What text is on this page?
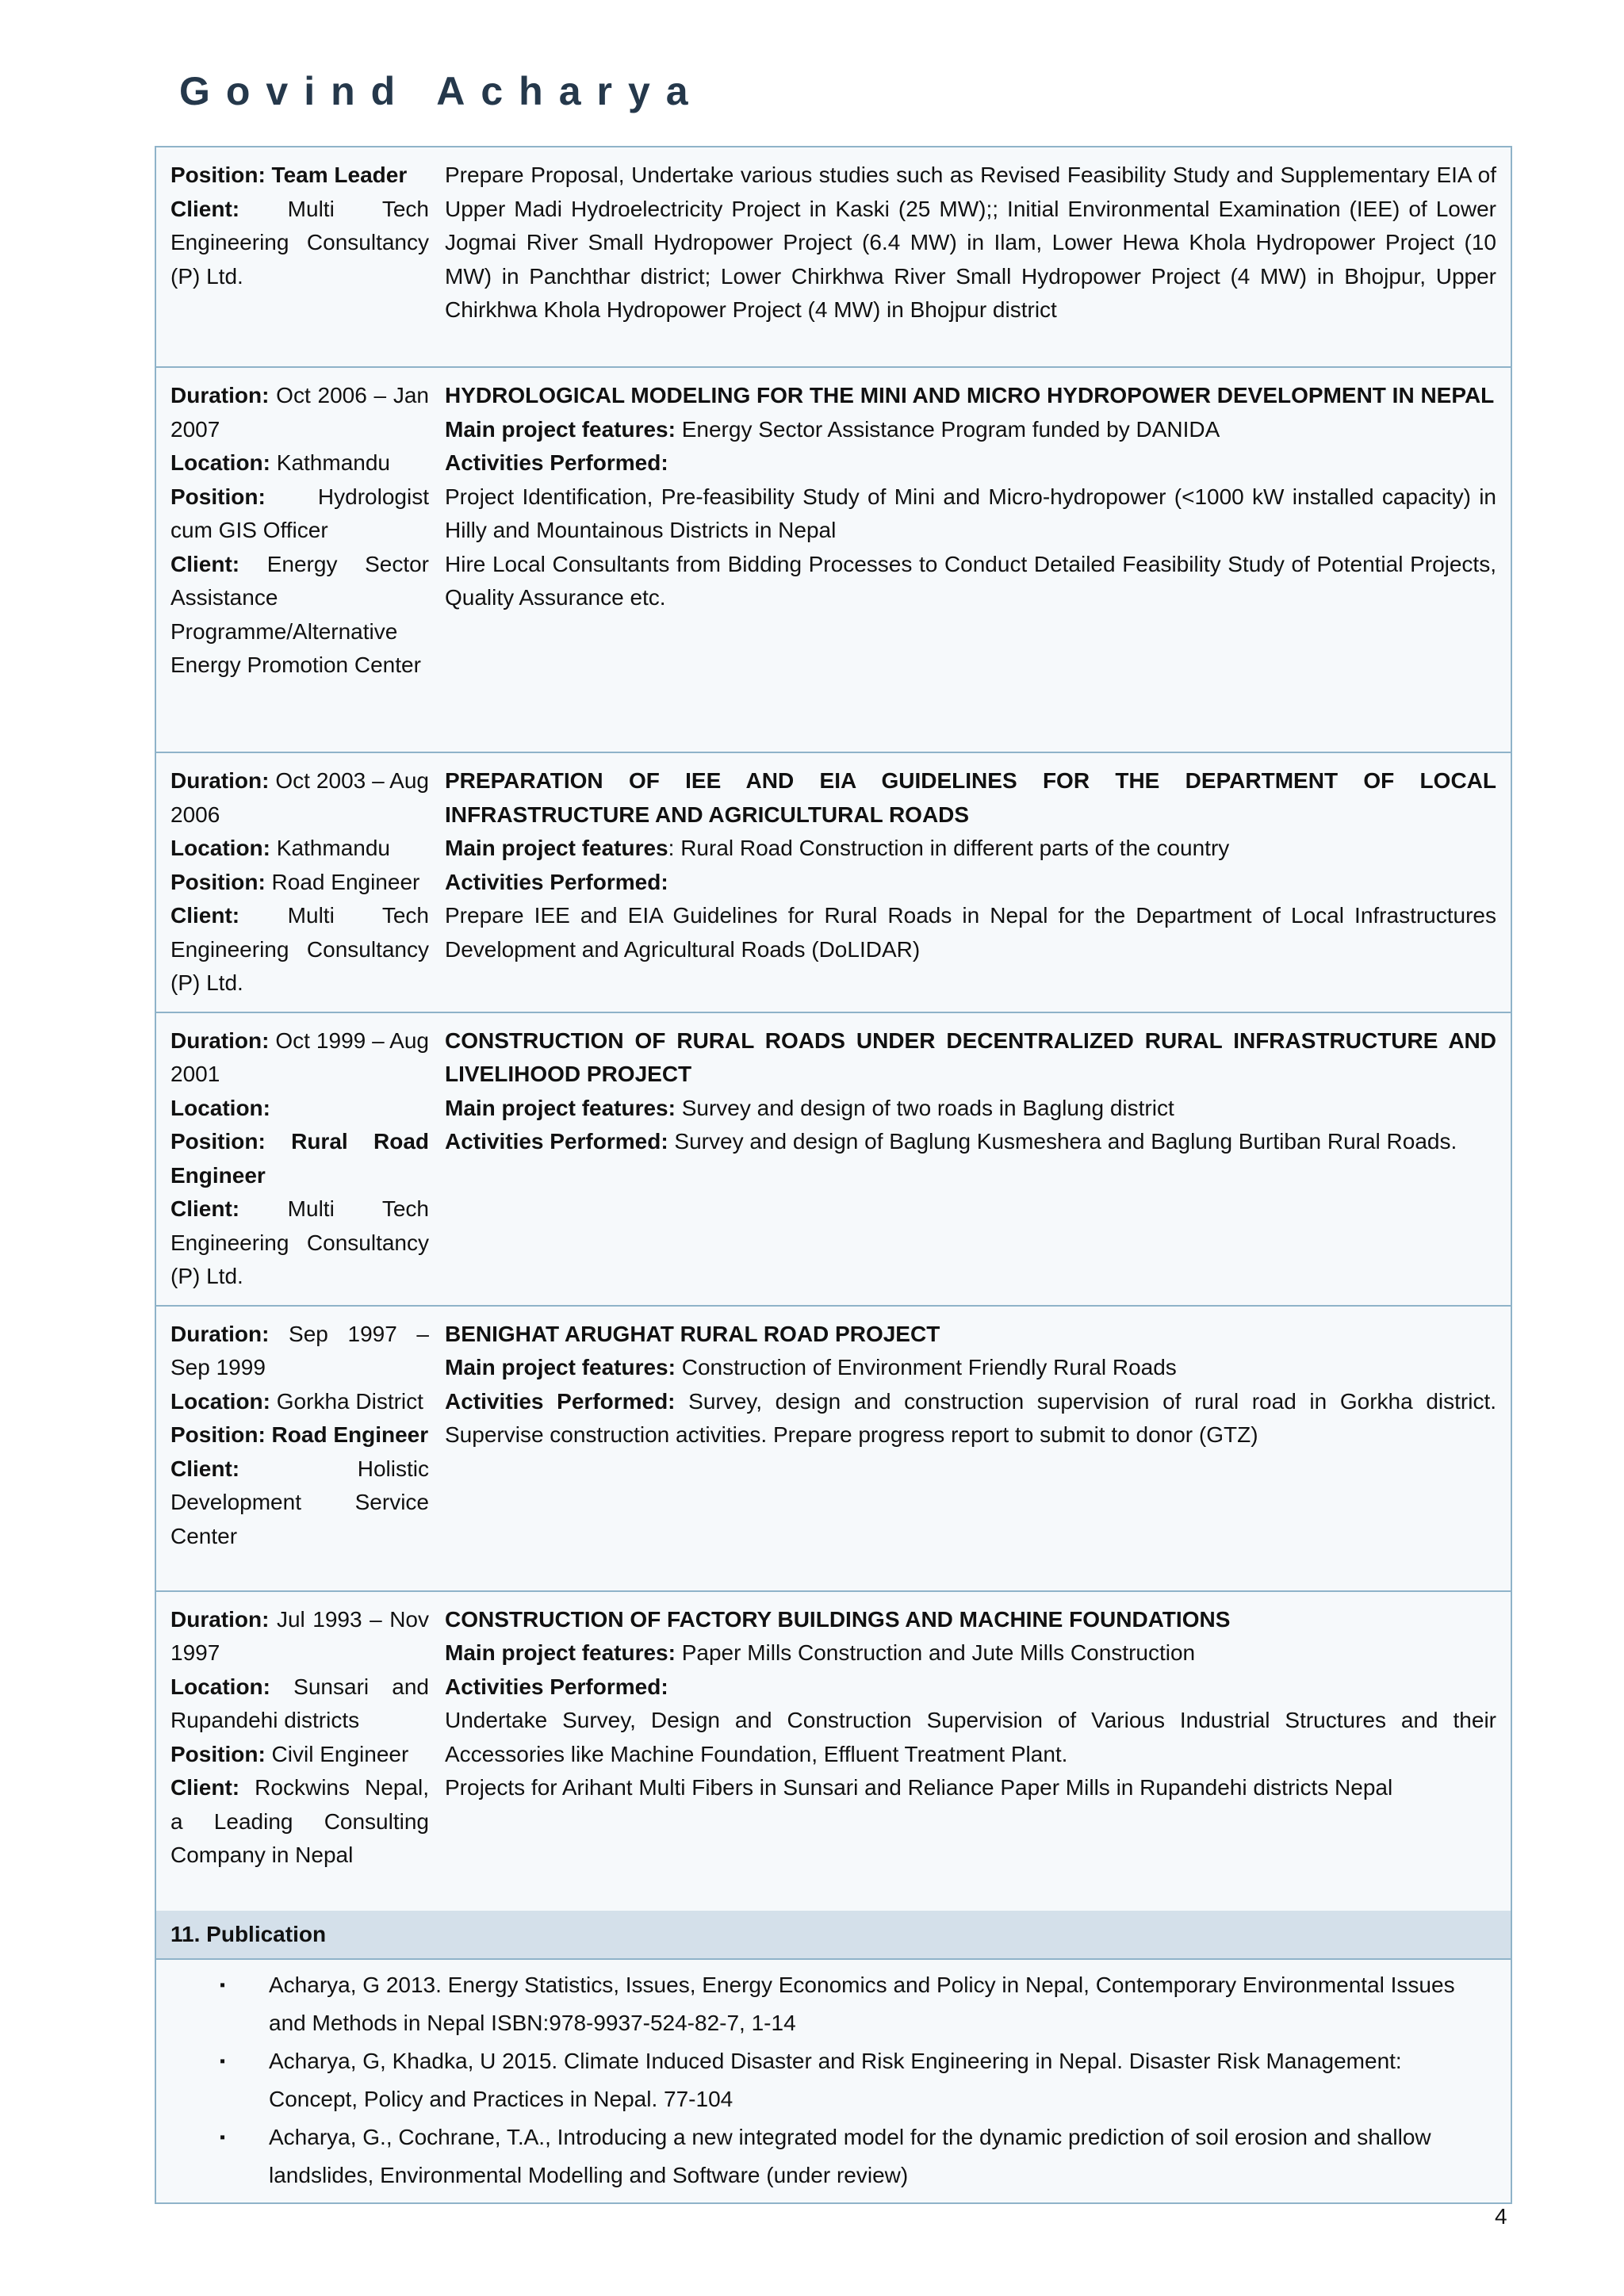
Govind Acharya
Position: Team Leader
Client: Multi Tech Engineering Consultancy (P) Ltd.
Prepare Proposal, Undertake various studies such as Revised Feasibility Study and Supplementary EIA of Upper Madi Hydroelectricity Project in Kaski (25 MW);; Initial Environmental Examination (IEE) of Lower Jogmai River Small Hydropower Project (6.4 MW) in Ilam, Lower Hewa Khola Hydropower Project (10 MW) in Panchthar district; Lower Chirkhwa River Small Hydropower Project (4 MW) in Bhojpur, Upper Chirkhwa Khola Hydropower Project (4 MW) in Bhojpur district
Duration: Oct 2006 – Jan 2007
Location: Kathmandu
Position: Hydrologist cum GIS Officer
Client: Energy Sector Assistance Programme/Alternative Energy Promotion Center
HYDROLOGICAL MODELING FOR THE MINI AND MICRO HYDROPOWER DEVELOPMENT IN NEPAL
Main project features: Energy Sector Assistance Program funded by DANIDA
Activities Performed:
Project Identification, Pre-feasibility Study of Mini and Micro-hydropower (<1000 kW installed capacity) in Hilly and Mountainous Districts in Nepal
Hire Local Consultants from Bidding Processes to Conduct Detailed Feasibility Study of Potential Projects, Quality Assurance etc.
Duration: Oct 2003 – Aug 2006
Location: Kathmandu
Position: Road Engineer
Client: Multi Tech Engineering Consultancy (P) Ltd.
PREPARATION OF IEE AND EIA GUIDELINES FOR THE DEPARTMENT OF LOCAL INFRASTRUCTURE AND AGRICULTURAL ROADS
Main project features: Rural Road Construction in different parts of the country
Activities Performed:
Prepare IEE and EIA Guidelines for Rural Roads in Nepal for the Department of Local Infrastructures Development and Agricultural Roads (DoLIDAR)
Duration: Oct 1999 – Aug 2001
Location:
Position: Rural Road Engineer
Client: Multi Tech Engineering Consultancy (P) Ltd.
CONSTRUCTION OF RURAL ROADS UNDER DECENTRALIZED RURAL INFRASTRUCTURE AND LIVELIHOOD PROJECT
Main project features: Survey and design of two roads in Baglung district
Activities Performed: Survey and design of Baglung Kusmeshera and Baglung Burtiban Rural Roads.
Duration: Sep 1997 – Sep 1999
Location: Gorkha District
Position: Road Engineer
Client: Holistic Development Service Center
BENIGHAT ARUGHAT RURAL ROAD PROJECT
Main project features: Construction of Environment Friendly Rural Roads
Activities Performed: Survey, design and construction supervision of rural road in Gorkha district. Supervise construction activities. Prepare progress report to submit to donor (GTZ)
Duration: Jul 1993 – Nov 1997
Location: Sunsari and Rupandehi districts
Position: Civil Engineer
Client: Rockwins Nepal, a Leading Consulting Company in Nepal
CONSTRUCTION OF FACTORY BUILDINGS AND MACHINE FOUNDATIONS
Main project features: Paper Mills Construction and Jute Mills Construction
Activities Performed:
Undertake Survey, Design and Construction Supervision of Various Industrial Structures and their Accessories like Machine Foundation, Effluent Treatment Plant.
Projects for Arihant Multi Fibers in Sunsari and Reliance Paper Mills in Rupandehi districts Nepal
11. Publication
▪ Acharya, G 2013. Energy Statistics, Issues, Energy Economics and Policy in Nepal, Contemporary Environmental Issues and Methods in Nepal ISBN:978-9937-524-82-7, 1-14
▪ Acharya, G, Khadka, U 2015. Climate Induced Disaster and Risk Engineering in Nepal. Disaster Risk Management: Concept, Policy and Practices in Nepal. 77-104
▪ Acharya, G., Cochrane, T.A., Introducing a new integrated model for the dynamic prediction of soil erosion and shallow landslides, Environmental Modelling and Software (under review)
4
